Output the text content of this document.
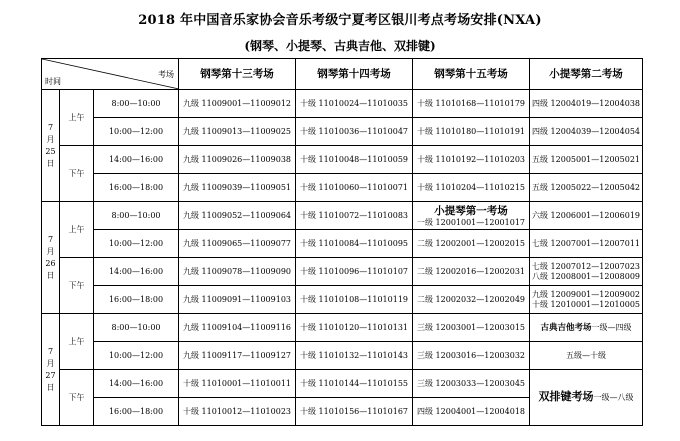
2018 年中国音乐家协会音乐考级宁夏考区银川考点考场安排(NXA)
(钢琴、小提琴、古典吉他、双排键)
时间
考场			钢琴第十三考场	钢琴第十四考场	钢琴第十五考场	小提琴第二考场

7
月
25
日	上午	8:00—10:00	九级 11009001—11009012	十级 11010024—11010035	十级 11010168—11010179	四级 12004019—12004038
		10:00—12:00	九级 11009013—11009025	十级 11010036—11010047	十级 11010180—11010191	四级 12004039—12004054
	下午	14:00—16:00	九级 11009026—11009038	十级 11010048—11010059	十级 11010192—11010203	五级 12005001—12005021
		16:00—18:00	九级 11009039—11009051	十级 11010060—11010071	十级 11010204—11010215	五级 12005022—12005042

7
月
26
日	上午	8:00—10:00	九级 11009052—11009064	十级 11010072—11010083	小提琴第一考场
一级 12001001—12001017	六级 12006001—12006019
		10:00—12:00	九级 11009065—11009077	十级 11010084—11010095	二级 12002001—12002015	七级 12007001—12007011
	下午	14:00—16:00	九级 11009078—11009090	十级 11010096—11010107	二级 12002016—12002031	七级 12007012—12007023
八级 12008001—12008009

		16:00—18:00	九级 11009091—11009103	十级 11010108—11010119	二级 12002032—12002049	九级 12009001—12009002
十级 12010001—12010005

7
月
27
日	上午	8:00—10:00	九级 11009104—11009116	十级 11010120—11010131	三级 12003001—12003015	古典吉他考场一级—四级
		10:00—12:00	九级 11009117—11009127	十级 11010132—11010143	三级 12003016—12003032	五级—十级
	下午	14:00—16:00	十级 11010001—11010011	十级 11010144—11010155	三级 12003033—12003045	双排键考场一级—八级
		16:00—18:00	十级 11010012—11010023	十级 11010156—11010167	四级 12004001—12004018	
